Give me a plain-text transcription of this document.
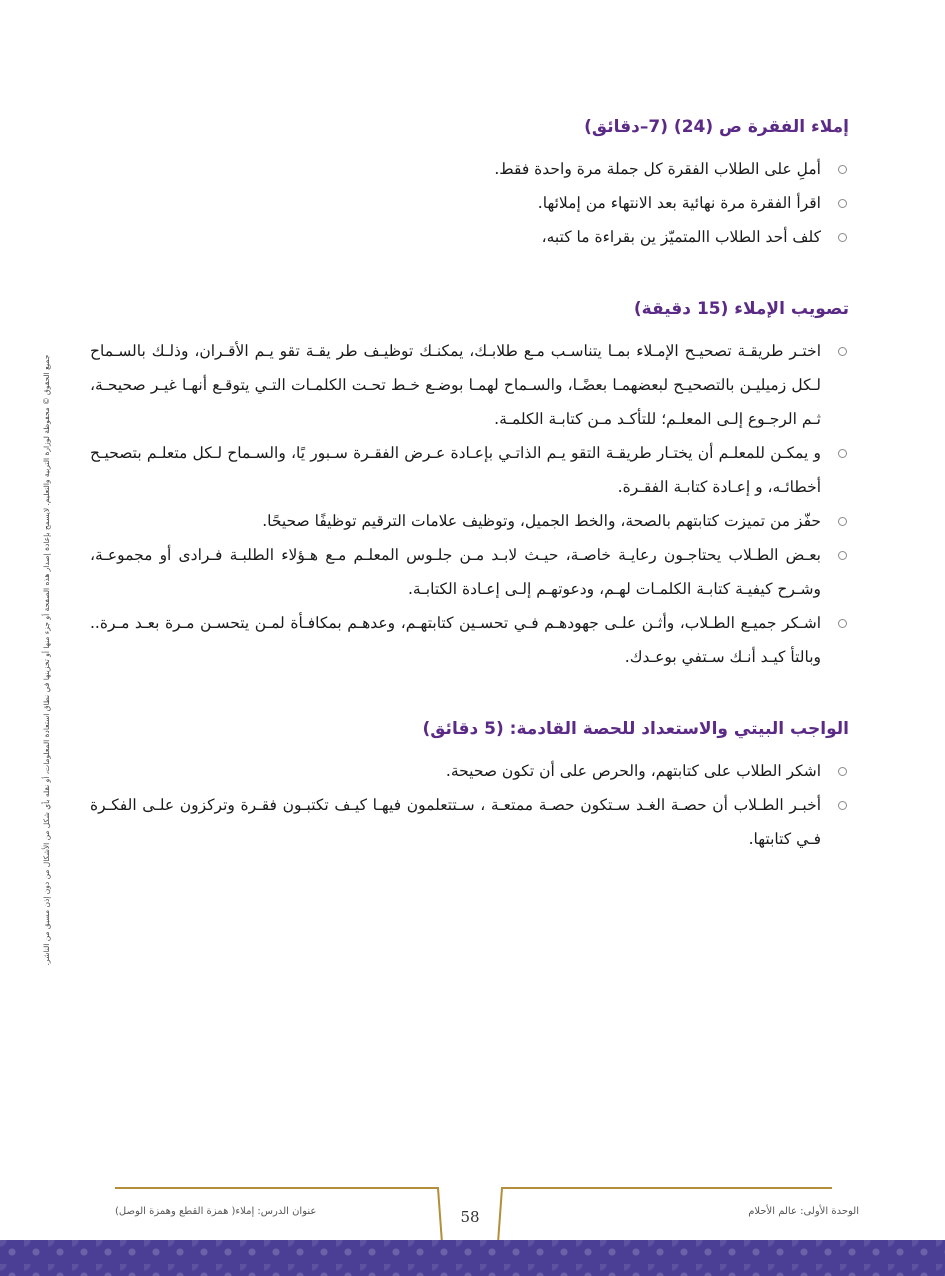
إملاء الفقرة ص (24) (7–دقائق)
أملِ على الطلاب الفقرة كل جملة مرة واحدة فقط.
اقرأ الفقرة مرة نهائية بعد الانتهاء من إملائها.
كلف أحد الطلاب االمتميّز ين بقراءة ما كتبه،
تصويب الإملاء (15 دقيقة)
اختـر طريقـة تصحيـح الإمـلاء بمـا يتناسـب مـع طلابـك، يمكنـك توظيـف طر يقـة تقو يـم الأقـران، وذلـك بالسـماح لـكل زميليـن بالتصحيـح لبعضهمـا بعضًـا، والسـماح لهمـا بوضـع خـط تحـت الكلمـات التـي يتوقـع أنهـا غيـر صحيحـة، ثـم الرجـوع إلـى المعلـم؛ للتأكـد مـن كتابـة الكلمـة.
و يمكـن للمعلـم أن يختـار طريقـة التقو يـم الذاتـي بإعـادة عـرض الفقـرة سـبور يًا، والسـماح لـكل متعلـم بتصحيـح أخطائـه، و إعـادة كتابـة الفقـرة.
حفّز من تميزت كتابتهم بالصحة، والخط الجميل، وتوظيف علامات الترقيم توظيفًا صحيحًا.
بعـض الطـلاب يحتاجـون رعايـة خاصـة، حيـث لابـد مـن جلـوس المعلـم مـع هـؤلاء الطلبـة فـرادى أو مجموعـة، وشـرح كيفيـة كتابـة الكلمـات لهـم، ودعوتهـم إلـى إعـادة الكتابـة.
اشـكر جميـع الطـلاب، وأثـن علـى جهودهـم فـي تحسـين كتابتهـم، وعدهـم بمكافـأة لمـن يتحسـن مـرة بعـد مـرة.. وبالتأ كيـد أنـك سـتفي بوعـدك.
الواجب البيتي والاستعداد للحصة القادمة: (5 دقائق)
اشكر الطلاب على كتابتهم، والحرص على أن تكون صحيحة.
أخبـر الطـلاب أن حصـة الغـد سـتكون حصـة ممتعـة ، سـتتعلمون فيهـا كيـف تكتبـون فقـرة وتركزون علـى الفكـرة فـي كتابتها.
جميع الحقوق © محفوظة لوزارة التربية والتعليم. لايسمح بإعادة إصدار هذه الصفحة أو جزء منها أو تخزينها في نطاق استعادة المعلومات، أو نقله بأي شكل من الأشكال من دون إذن مسبق من الناشر.
58	الوحدة الأولى: عالم الأحلام
عنوان الدرس: إملاء( همزة القطع وهمزة الوصل)
